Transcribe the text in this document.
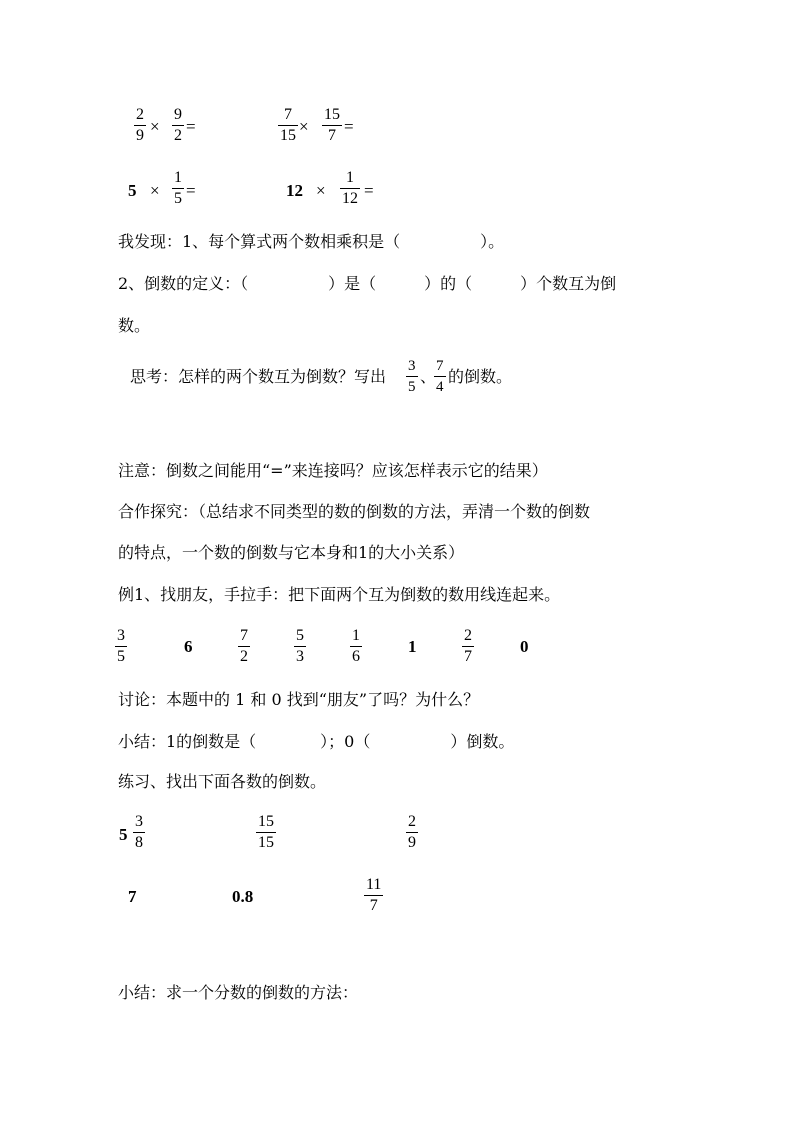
2
9 ×
9
2 =
7
15 ×
15
7 =
5 ×
1
5 =	12 ×
1
12 =
我发现：1、每个算式两个数相乘积是（　　　　　）。
2、倒数的定义：（　　　　　）是（　　　）的（　　　）个数互为倒
数。
思考：怎样的两个数互为倒数？写出
3
5
、
7
4
的倒数。
注意：倒数之间能用“=”来连接吗？应该怎样表示它的结果）
合作探究：（总结求不同类型的数的倒数的方法，弄清一个数的倒数
的特点，一个数的倒数与它本身和1的大小关系）
例1、找朋友，手拉手：把下面两个互为倒数的数用线连起来。
3
5
6
7
2
5
3
1
6
1
2
7
0
讨论：本题中的 1 和 0 找到“朋友”了吗？为什么？
小结：1的倒数是（　　　　）；0（　　　　　）倒数。
练习、找出下面各数的倒数。
5
3
8
15
15
2
9
7	0.8
11
7
小结：求一个分数的倒数的方法：
